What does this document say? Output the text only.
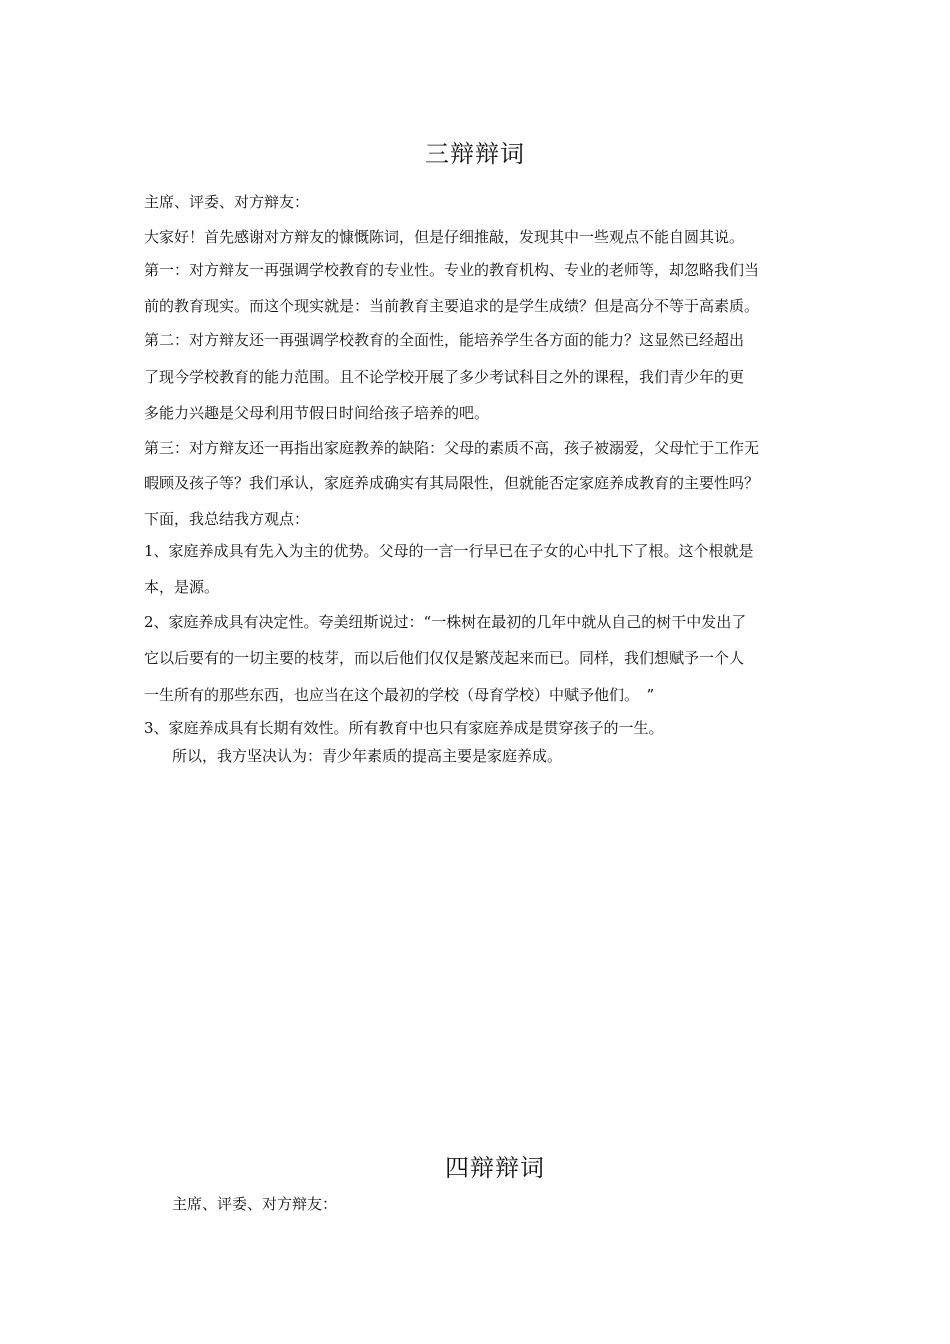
三辩辩词

主席、评委、对方辩友：

大家好！首先感谢对方辩友的慷慨陈词，但是仔细推敲，发现其中一些观点不能自圆其说。

第一：对方辩友一再强调学校教育的专业性。专业的教育机构、专业的老师等，却忽略我们当

前的教育现实。而这个现实就是：当前教育主要追求的是学生成绩？但是高分不等于高素质。

第二：对方辩友还一再强调学校教育的全面性，能培养学生各方面的能力？这显然已经超出

了现今学校教育的能力范围。且不论学校开展了多少考试科目之外的课程，我们青少年的更

多能力兴趣是父母利用节假日时间给孩子培养的吧。

第三：对方辩友还一再指出家庭教养的缺陷：父母的素质不高，孩子被溺爱，父母忙于工作无

暇顾及孩子等？我们承认，家庭养成确实有其局限性，但就能否定家庭养成教育的主要性吗？

下面，我总结我方观点：

1、家庭养成具有先入为主的优势。父母的一言一行早已在子女的心中扎下了根。这个根就是

本，是源。

2、家庭养成具有决定性。夸美纽斯说过：“一株树在最初的几年中就从自己的树干中发出了

它以后要有的一切主要的枝芽，而以后他们仅仅是繁茂起来而已。同样，我们想赋予一个人

一生所有的那些东西，也应当在这个最初的学校（母育学校）中赋予他们。　”

3、家庭养成具有长期有效性。所有教育中也只有家庭养成是贯穿孩子的一生。

所以，我方坚决认为：青少年素质的提高主要是家庭养成。

四辩辩词

主席、评委、对方辩友：
